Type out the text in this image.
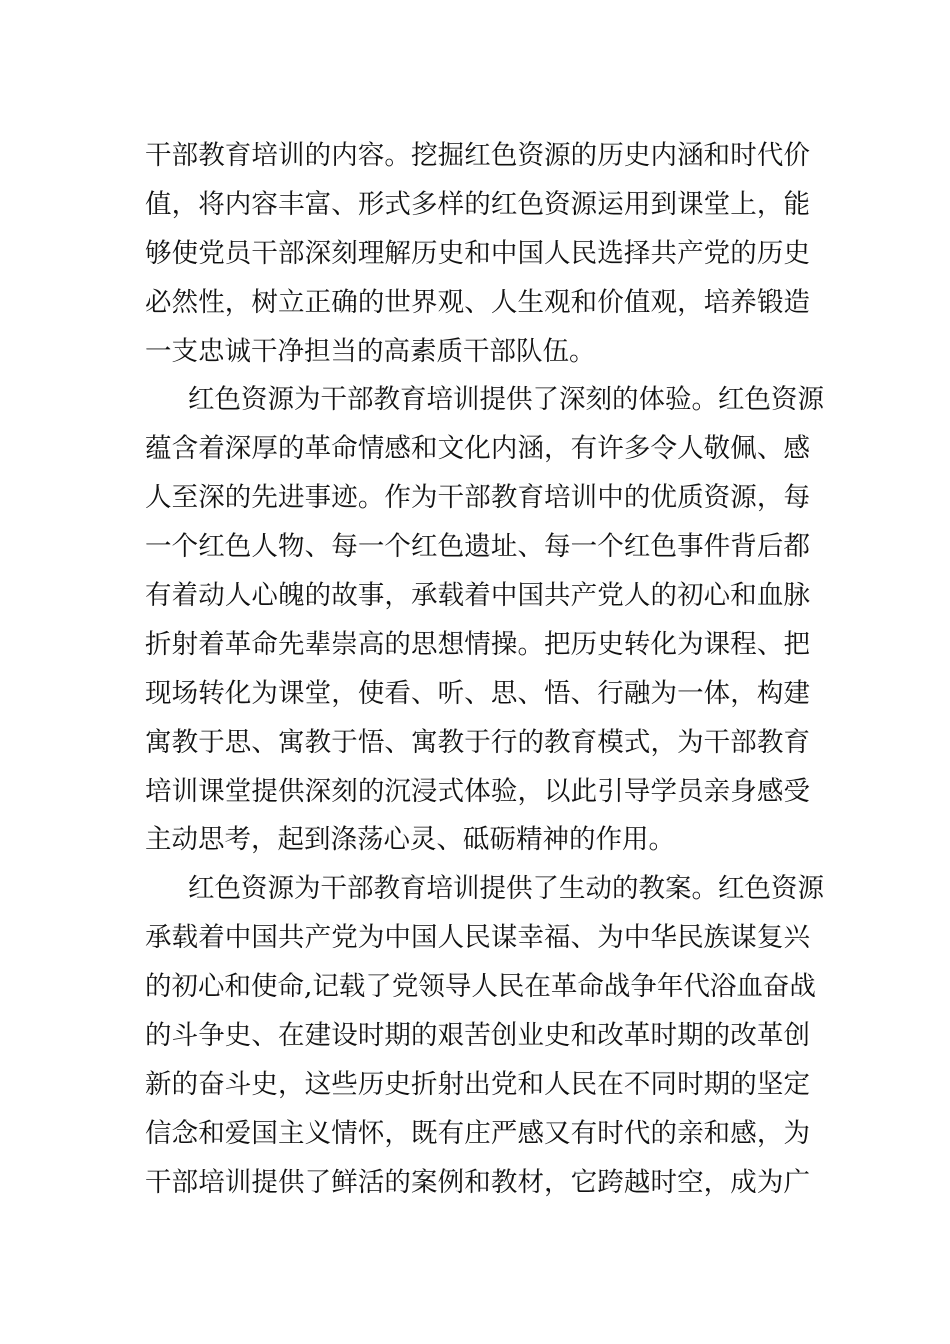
干部教育培训的内容。挖掘红色资源的历史内涵和时代价
值，将内容丰富、形式多样的红色资源运用到课堂上，能
够使党员干部深刻理解历史和中国人民选择共产党的历史
必然性，树立正确的世界观、人生观和价值观，培养锻造
一支忠诚干净担当的高素质干部队伍。
红色资源为干部教育培训提供了深刻的体验。红色资源
蕴含着深厚的革命情感和文化内涵，有许多令人敬佩、感
人至深的先进事迹。作为干部教育培训中的优质资源，每
一个红色人物、每一个红色遗址、每一个红色事件背后都
有着动人心魄的故事，承载着中国共产党人的初心和血脉
折射着革命先辈崇高的思想情操。把历史转化为课程、把
现场转化为课堂，使看、听、思、悟、行融为一体，构建
寓教于思、寓教于悟、寓教于行的教育模式，为干部教育
培训课堂提供深刻的沉浸式体验，以此引导学员亲身感受
主动思考，起到涤荡心灵、砥砺精神的作用。
红色资源为干部教育培训提供了生动的教案。红色资源
承载着中国共产党为中国人民谋幸福、为中华民族谋复兴
的初心和使命,记载了党领导人民在革命战争年代浴血奋战
的斗争史、在建设时期的艰苦创业史和改革时期的改革创
新的奋斗史，这些历史折射出党和人民在不同时期的坚定
信念和爱国主义情怀，既有庄严感又有时代的亲和感，为
干部培训提供了鲜活的案例和教材，它跨越时空，成为广
